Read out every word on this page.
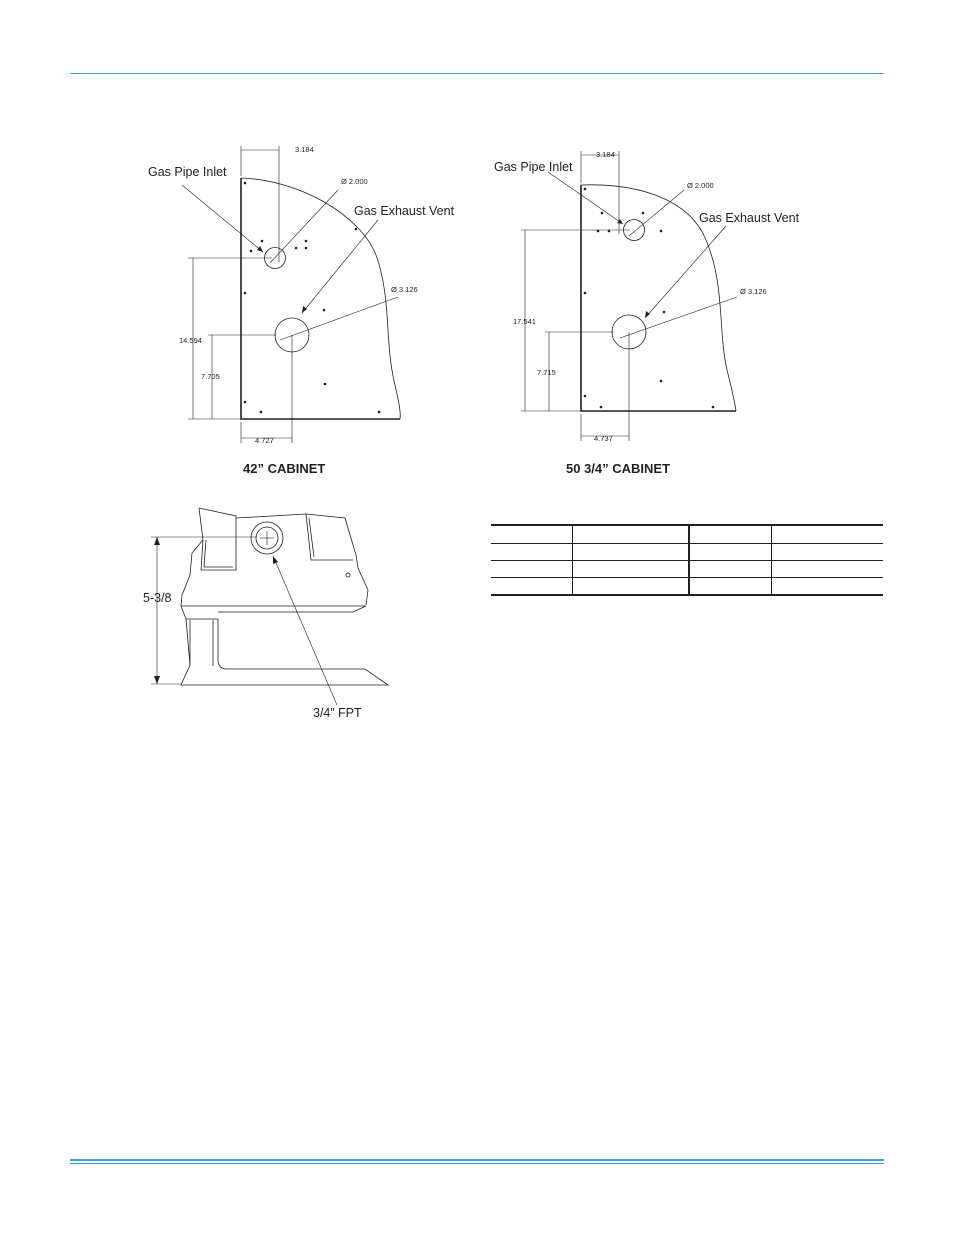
Gas Pipe Inlet
Gas Exhaust Vent
3.184
Ø 2.000
Ø 3.126
14.594
7.705
4.727
42” CABINET
Gas Pipe Inlet
Gas Exhaust Vent
3.184
Ø 2.000
Ø 3.126
17.541
7.715
4.737
50 3/4” CABINET
5-3/8
3/4” FPT
